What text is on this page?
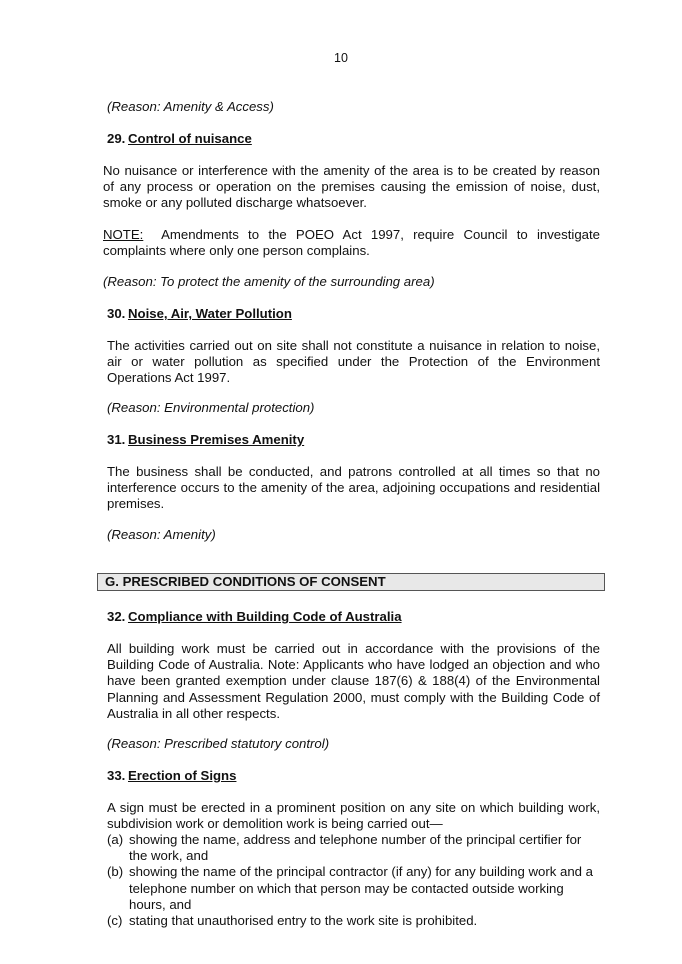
10
(Reason: Amenity & Access)
29. Control of nuisance
No nuisance or interference with the amenity of the area is to be created by reason of any process or operation on the premises causing the emission of noise, dust, smoke or any polluted discharge whatsoever.
NOTE:  Amendments to the POEO Act 1997, require Council to investigate complaints where only one person complains.
(Reason: To protect the amenity of the surrounding area)
30. Noise, Air, Water Pollution
The activities carried out on site shall not constitute a nuisance in relation to noise, air or water pollution as specified under the Protection of the Environment Operations Act 1997.
(Reason: Environmental protection)
31. Business Premises Amenity
The business shall be conducted, and patrons controlled at all times so that no interference occurs to the amenity of the area, adjoining occupations and residential premises.
(Reason: Amenity)
G. PRESCRIBED CONDITIONS OF CONSENT
32. Compliance with Building Code of Australia
All building work must be carried out in accordance with the provisions of the Building Code of Australia. Note: Applicants who have lodged an objection and who have been granted exemption under clause 187(6) & 188(4) of the Environmental Planning and Assessment Regulation 2000, must comply with the Building Code of Australia in all other respects.
(Reason: Prescribed statutory control)
33. Erection of Signs
A sign must be erected in a prominent position on any site on which building work, subdivision work or demolition work is being carried out—
(a) showing the name, address and telephone number of the principal certifier for the work, and
(b) showing the name of the principal contractor (if any) for any building work and a telephone number on which that person may be contacted outside working hours, and
(c) stating that unauthorised entry to the work site is prohibited.
